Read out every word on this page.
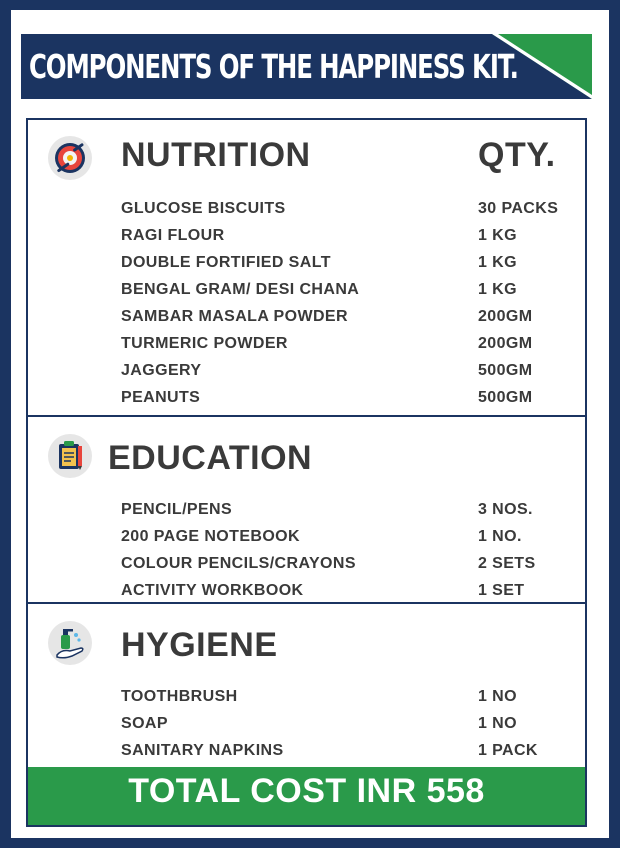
COMPONENTS OF THE HAPPINESS KIT.
NUTRITION	QTY.
GLUCOSE BISCUITS	30 PACKS
RAGI FLOUR	1 KG
DOUBLE FORTIFIED SALT	1 KG
BENGAL GRAM/ DESI CHANA	1 KG
SAMBAR MASALA POWDER	200GM
TURMERIC POWDER	200GM
JAGGERY	500GM
PEANUTS	500GM
EDUCATION
PENCIL/PENS	3 NOS.
200 PAGE NOTEBOOK	1 NO.
COLOUR PENCILS/CRAYONS	2 SETS
ACTIVITY WORKBOOK	1 SET
HYGIENE
TOOTHBRUSH	1 NO
SOAP	1 NO
SANITARY NAPKINS	1 PACK
TOTAL COST INR 558
